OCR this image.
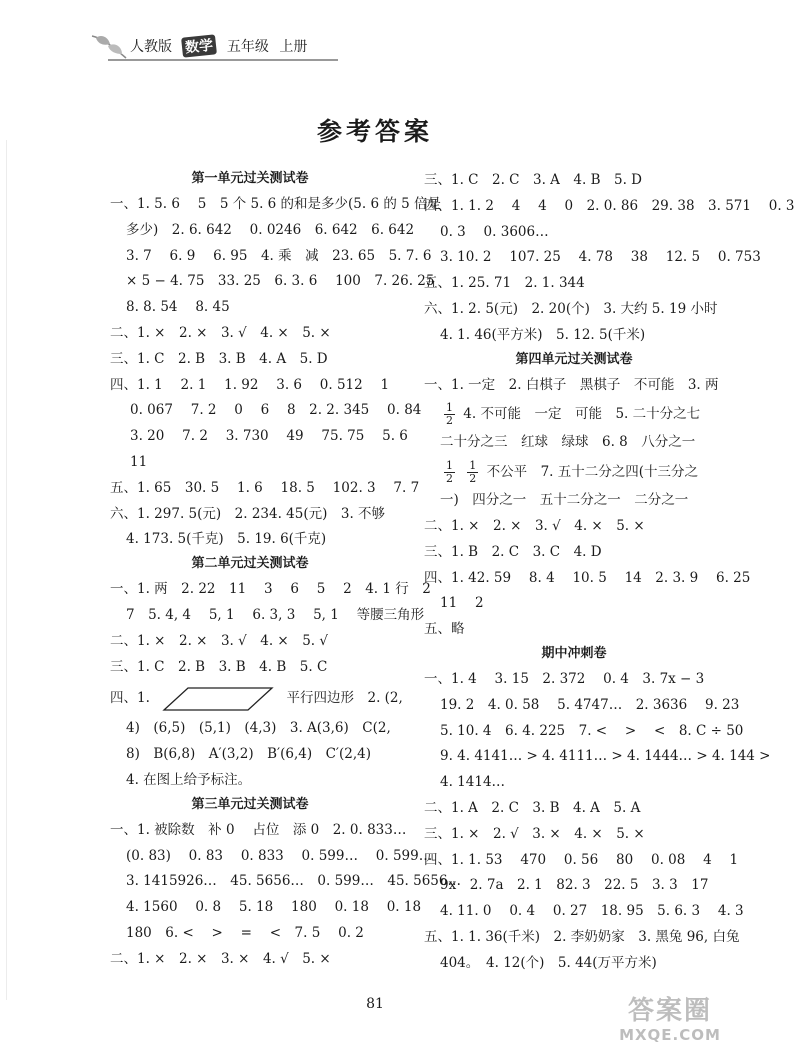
人教版 数学 五年级 上册
参考答案
第一单元过关测试卷
一、1. 5. 6　 5　5 个 5. 6 的和是多少(5. 6 的 5 倍是
多少)　2. 6. 642　 0. 0246　6. 642　6. 642
3. 7　 6. 9　 6. 95　4. 乘　减　23. 65　5. 7. 6
× 5 − 4. 75　33. 25　6. 3. 6　 100　7. 26. 25
8. 8. 54　 8. 45
二、1. ×　2. ×　3. √　4. ×　5. ×
三、1. C　2. B　3. B　4. A　5. D
四、1. 1　 2. 1　 1. 92　 3. 6　 0. 512　 1
0. 067　 7. 2　 0　 6　 8　2. 2. 345　 0. 84
3. 20　 7. 2　 3. 730　 49　 75. 75　 5. 6
11
五、1. 65　30. 5　 1. 6　 18. 5　 102. 3　 7. 7
六、1. 297. 5(元)　2. 234. 45(元)　3. 不够
4. 173. 5(千克)　5. 19. 6(千克)
第二单元过关测试卷
一、1. 两　2. 22　11　 3　 6　 5　 2　4. 1 行　2
7　5. 4, 4　 5, 1　 6. 3, 3　 5, 1　 等腰三角形
二、1. ×　2. ×　3. √　4. ×　5. √
三、1. C　2. B　3. B　4. B　5. C
四、1.	平行四边形　2. (2,
4)　(6,5)　(5,1)　(4,3)　3. A(3,6)　C(2,
8)　B(6,8)　A′(3,2)　B′(6,4)　C′(2,4)
4. 在图上给予标注。
第三单元过关测试卷
一、1. 被除数　补 0　 占位　添 0　2. 0. 833…
(0. 83)　 0. 83　 0. 833　 0. 599…　 0. 599…
3. 1415926…　45. 5656…　0. 599…　45. 5656…
4. 1560　 0. 8　 5. 18　 180　 0. 18　 0. 18
180　6. <　 >　 =　 <　7. 5　 0. 2
二、1. ×　2. ×　3. ×　4. √　5. ×
三、1. C　2. C　3. A　4. B　5. D
四、1. 1. 2　 4　 4　 0　2. 0. 86　29. 38　3. 571　 0. 3
0. 3　 0. 3606…
3. 10. 2　 107. 25　 4. 78　 38　 12. 5　 0. 753
五、1. 25. 71　2. 1. 344
六、1. 2. 5(元)　2. 20(个)　3. 大约 5. 19 小时
4. 1. 46(平方米)　5. 12. 5(千米)
第四单元过关测试卷
一、1. 一定　2. 白棋子　黑棋子　不可能　3. 两
$\frac{1}{2} 4$. 不可能　一定　可能　5. 二十分之七
二十分之三　红球　绿球　6. 8　八分之一
$\frac{1}{2}$
$\frac{1}{2}$ 不公平　7. 五十二分之四(十三分之
一)　四分之一　五十二分之一　二分之一
二、1. ×　2. ×　3. √　4. ×　5. ×
三、1. B　2. C　3. C　4. D
四、1. 42. 59　 8. 4　 10. 5　 14　2. 3. 9　 6. 25
11　 2
五、略
期中冲刺卷
一、1. 4　 3. 15　2. 372　 0. 4　3. 7x − 3
19. 2　4. 0. 58̇　 5. 4747…　2. 3636　 9. 23
5. 10. 4　6. 4. 225　7. <　 >　 <　8. C ÷ 50
9. 4. 4141… > 4. 4111… > 4. 1444… > 4. 144 >
4. 1414…
二、1. A　2. C　3. B　4. A　5. A
三、1. ×　2. √　3. ×　4. ×　5. ×
四、1. 1. 53　 470　 0. 56　 80　 0. 08　 4　 1
9x　2. 7a　2. 1　82. 3　22. 5　3. 3　17
4. 11. 0　 0. 4　 0. 27　18. 95　5. 6. 3　 4. 3
五、1. 1. 36(千米)　2. 李奶奶家　3. 黑兔 96, 白兔
404。　4. 12(个)　5. 44(万平方米)
81	答案圈
MXQE.COM
